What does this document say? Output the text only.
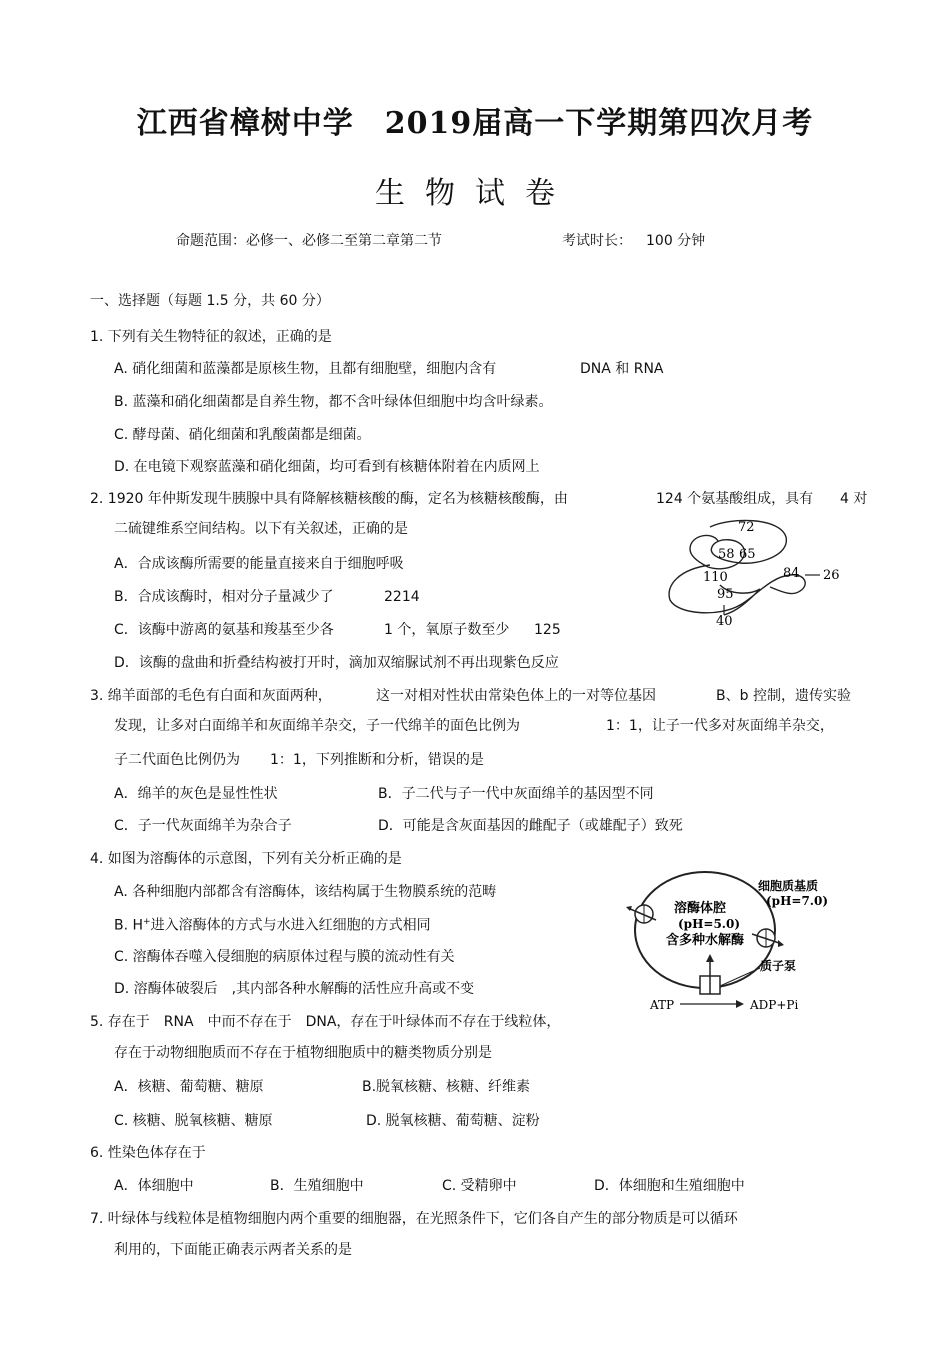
江西省樟树中学　2019届高一下学期第四次月考
生物试卷
命题范围：必修一、必修二至第二章第二节	考试时长： 100 分钟
一、选择题（每题 1.5 分，共 60 分）
1. 下列有关生物特征的叙述，正确的是
A. 硝化细菌和蓝藻都是原核生物，且都有细胞壁，细胞内含有	DNA 和 RNA
B. 蓝藻和硝化细菌都是自养生物，都不含叶绿体但细胞中均含叶绿素。
C. 酵母菌、硝化细菌和乳酸菌都是细菌。
D. 在电镜下观察蓝藻和硝化细菌，均可看到有核糖体附着在内质网上
2. 1920 年仲斯发现牛胰腺中具有降解核糖核酸的酶，定名为核糖核酸酶，由	124 个氨基酸组成，具有 4 对
二硫键维系空间结构。以下有关叙述，正确的是
A．合成该酶所需要的能量直接来自于细胞呼吸
B．合成该酶时，相对分子量减少了	2214
C．该酶中游离的氨基和羧基至少各	1 个，氧原子数至少 125
D．该酶的盘曲和折叠结构被打开时，滴加双缩脲试剂不再出现紫色反应
72
58 65
110	84 26
95
40
3. 绵羊面部的毛色有白面和灰面两种，	这一对相对性状由常染色体上的一对等位基因	B、b 控制，遗传实验
发现，让多对白面绵羊和灰面绵羊杂交，子一代绵羊的面色比例为	1：1，让子一代多对灰面绵羊杂交，
子二代面色比例仍为 1：1，下列推断和分析，错误的是
A．绵羊的灰色是显性性状	B．子二代与子一代中灰面绵羊的基因型不同
C．子一代灰面绵羊为杂合子	D．可能是含灰面基因的雌配子（或雄配子）致死
4. 如图为溶酶体的示意图，下列有关分析正确的是
A. 各种细胞内部都含有溶酶体，该结构属于生物膜系统的范畴
B. H+进入溶酶体的方式与水进入红细胞的方式相同
C. 溶酶体吞噬入侵细胞的病原体过程与膜的流动性有关
D. 溶酶体破裂后　,其内部各种水解酶的活性应升高或不变
溶酶体腔
(pH=5.0)
含多种水解酶
细胞质基质
(pH=7.0)
质子泵
ATP	ADP+Pi
5. 存在于　RNA　中而不存在于　DNA，存在于叶绿体而不存在于线粒体，
存在于动物细胞质而不存在于植物细胞质中的糖类物质分别是
A．核糖、葡萄糖、糖原	B.脱氧核糖、核糖、纤维素
C. 核糖、脱氧核糖、糖原	D. 脱氧核糖、葡萄糖、淀粉
6. 性染色体存在于
A．体细胞中	B．生殖细胞中	C. 受精卵中	D．体细胞和生殖细胞中
7. 叶绿体与线粒体是植物细胞内两个重要的细胞器，在光照条件下，它们各自产生的部分物质是可以循环
利用的，下面能正确表示两者关系的是
